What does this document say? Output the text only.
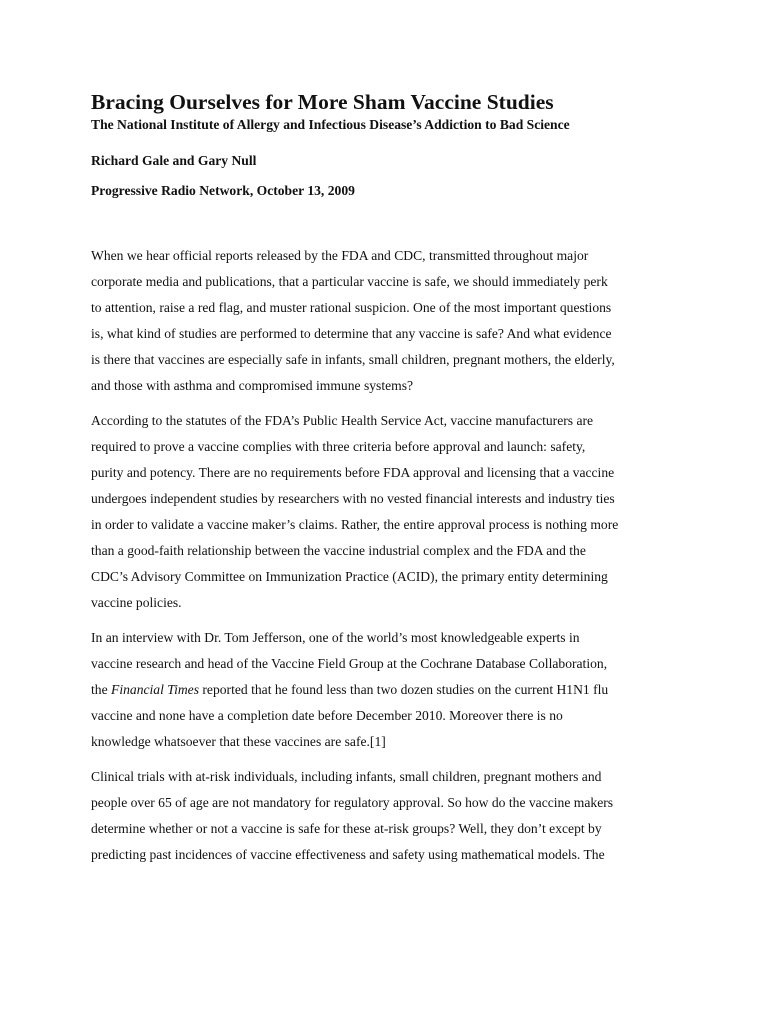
Bracing Ourselves for More Sham Vaccine Studies
The National Institute of Allergy and Infectious Disease’s Addiction to Bad Science
Richard Gale and Gary Null
Progressive Radio Network, October 13, 2009

When we hear official reports released by the FDA and CDC, transmitted throughout major
corporate media and publications, that a particular vaccine is safe, we should immediately perk
to attention, raise a red flag, and muster rational suspicion. One of the most important questions
is, what kind of studies are performed to determine that any vaccine is safe? And what evidence
is there that vaccines are especially safe in infants, small children, pregnant mothers, the elderly,
and those with asthma and compromised immune systems?

According to the statutes of the FDA’s Public Health Service Act, vaccine manufacturers are
required to prove a vaccine complies with three criteria before approval and launch: safety,
purity and potency. There are no requirements before FDA approval and licensing that a vaccine
undergoes independent studies by researchers with no vested financial interests and industry ties
in order to validate a vaccine maker’s claims. Rather, the entire approval process is nothing more
than a good-faith relationship between the vaccine industrial complex and the FDA and the
CDC’s Advisory Committee on Immunization Practice (ACID), the primary entity determining
vaccine policies.

In an interview with Dr. Tom Jefferson, one of the world’s most knowledgeable experts in
vaccine research and head of the Vaccine Field Group at the Cochrane Database Collaboration,
the Financial Times reported that he found less than two dozen studies on the current H1N1 flu
vaccine and none have a completion date before December 2010. Moreover there is no
knowledge whatsoever that these vaccines are safe.[1]

Clinical trials with at-risk individuals, including infants, small children, pregnant mothers and
people over 65 of age are not mandatory for regulatory approval. So how do the vaccine makers
determine whether or not a vaccine is safe for these at-risk groups? Well, they don’t except by
predicting past incidences of vaccine effectiveness and safety using mathematical models. The
